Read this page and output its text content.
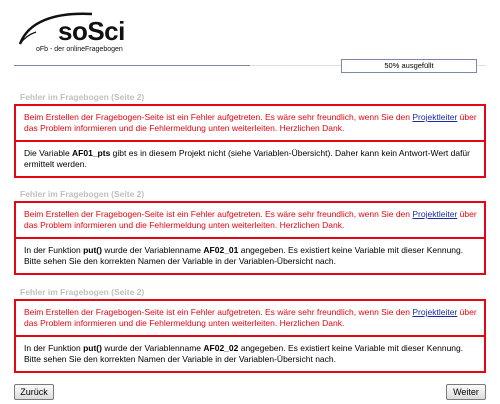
soSci
oFb - der onlineFragebogen
50% ausgefüllt
Fehler im Fragebogen (Seite 2)
Beim Erstellen der Fragebogen-Seite ist ein Fehler aufgetreten. Es wäre sehr freundlich, wenn Sie den Projektleiter über das Problem informieren und die Fehlermeldung unten weiterleiten. Herzlichen Dank.
Die Variable AF01_pts gibt es in diesem Projekt nicht (siehe Variablen-Übersicht). Daher kann kein Antwort-Wert dafür ermittelt werden.
Fehler im Fragebogen (Seite 2)
Beim Erstellen der Fragebogen-Seite ist ein Fehler aufgetreten. Es wäre sehr freundlich, wenn Sie den Projektleiter über das Problem informieren und die Fehlermeldung unten weiterleiten. Herzlichen Dank.
In der Funktion put() wurde der Variablenname AF02_01 angegeben. Es existiert keine Variable mit dieser Kennung. Bitte sehen Sie den korrekten Namen der Variable in der Variablen-Übersicht nach.
Fehler im Fragebogen (Seite 2)
Beim Erstellen der Fragebogen-Seite ist ein Fehler aufgetreten. Es wäre sehr freundlich, wenn Sie den Projektleiter über das Problem informieren und die Fehlermeldung unten weiterleiten. Herzlichen Dank.
In der Funktion put() wurde der Variablenname AF02_02 angegeben. Es existiert keine Variable mit dieser Kennung. Bitte sehen Sie den korrekten Namen der Variable in der Variablen-Übersicht nach.
Zurück	Weiter
